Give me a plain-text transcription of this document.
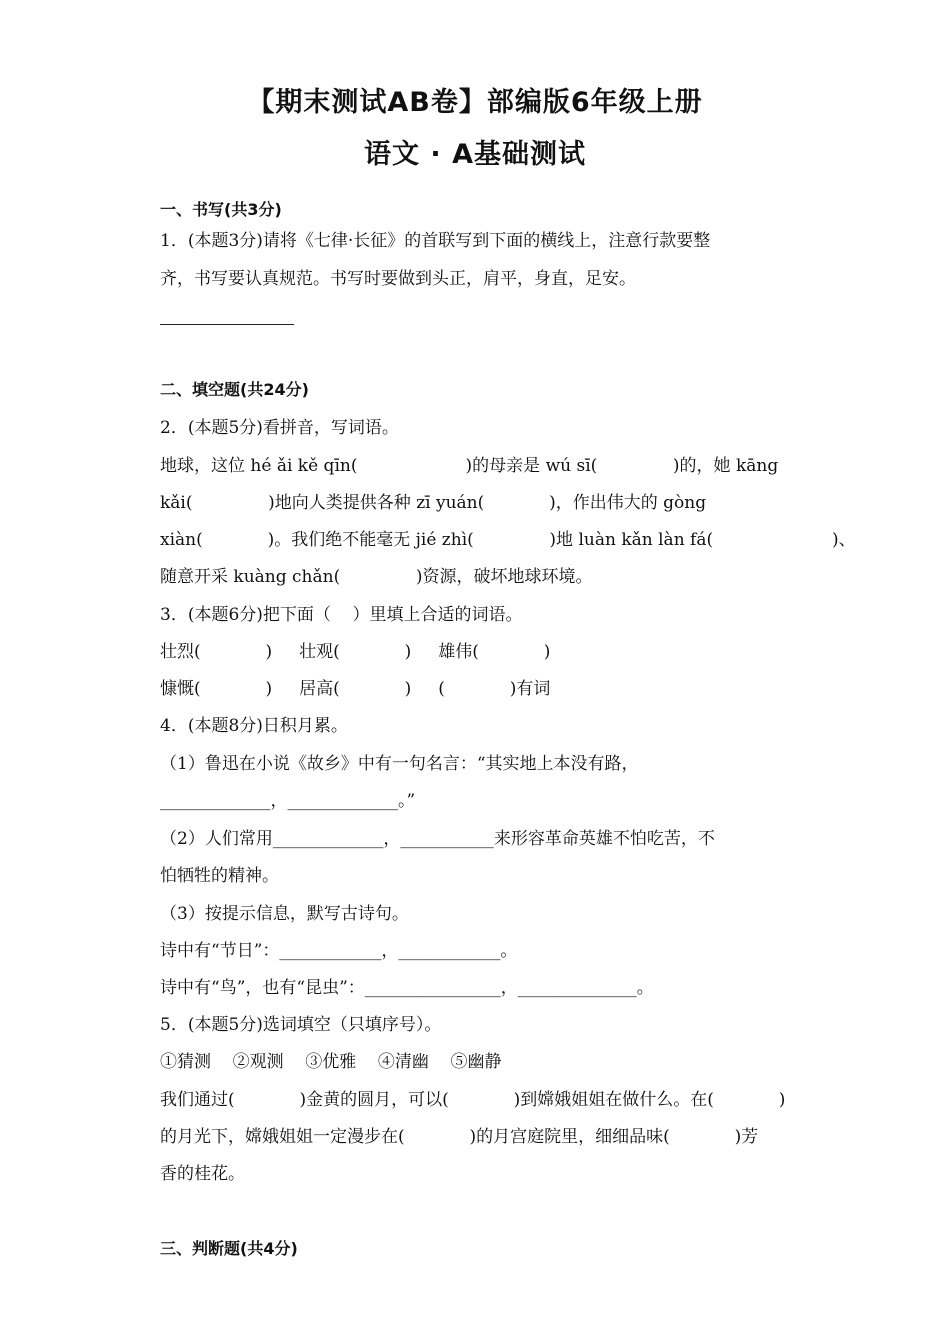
【期末测试AB卷】部编版6年级上册
语文 · A基础测试
一、书写(共3分)
1．(本题3分)请将《七律·长征》的首联写到下面的横线上，注意行款要整
齐，书写要认真规范。书写时要做到头正，肩平，身直，足安。
二、填空题(共24分)
2．(本题5分)看拼音，写词语。
地球，这位 hé ǎi kě qīn(                    )的母亲是 wú sī(              )的，她 kāng
kǎi(              )地向人类提供各种 zī yuán(            )，作出伟大的 gòng
xiàn(            )。我们绝不能毫无 jié zhì(              )地 luàn kǎn làn fá(                      )、
随意开采 kuàng chǎn(              )资源，破坏地球环境。
3．(本题6分)把下面（    ）里填上合适的词语。
壮烈(            )     壮观(            )     雄伟(            )
慷慨(            )     居高(            )     (            )有词
4．(本题8分)日积月累。
（1）鲁迅在小说《故乡》中有一句名言：“其实地上本没有路，
_____________，_____________。”
（2）人们常用_____________，___________来形容革命英雄不怕吃苦，不
怕牺牲的精神。
（3）按提示信息，默写古诗句。
诗中有“节日”：____________，____________。
诗中有“鸟”，也有“昆虫”：________________，______________。
5．(本题5分)选词填空（只填序号）。
①猜测    ②观测    ③优雅    ④清幽    ⑤幽静
我们通过(            )金黄的圆月，可以(            )到嫦娥姐姐在做什么。在(            )
的月光下，嫦娥姐姐一定漫步在(            )的月宫庭院里，细细品味(            )芳
香的桂花。
三、判断题(共4分)
